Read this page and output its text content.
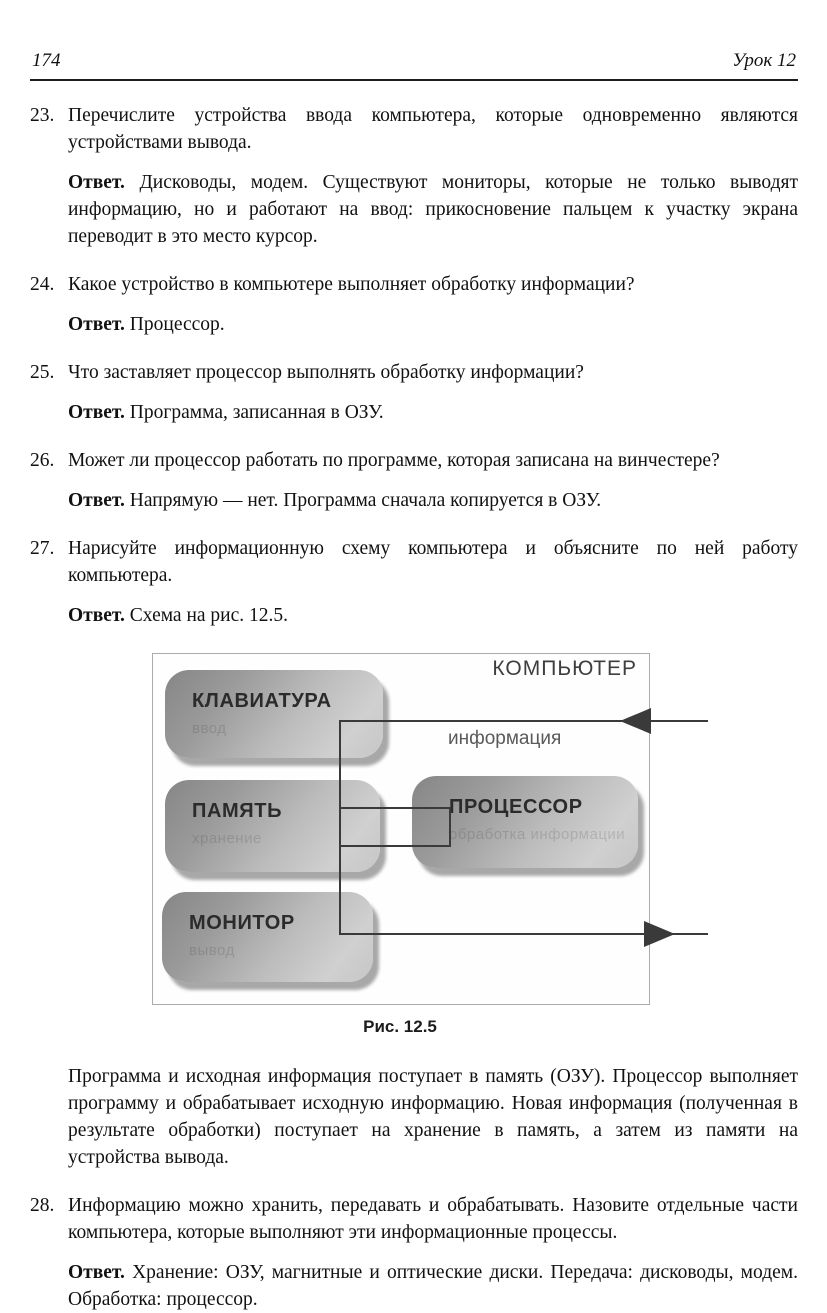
174	Урок 12
23. Перечислите устройства ввода компьютера, которые одновременно являются устройствами вывода.

Ответ. Дисководы, модем. Существуют мониторы, которые не только выводят информацию, но и работают на ввод: прикосновение пальцем к участку экрана переводит в это место курсор.

24. Какое устройство в компьютере выполняет обработку информации?

Ответ. Процессор.

25. Что заставляет процессор выполнять обработку информации?

Ответ. Программа, записанная в ОЗУ.

26. Может ли процессор работать по программе, которая записана на винчестере?

Ответ. Напрямую — нет. Программа сначала копируется в ОЗУ.

27. Нарисуйте информационную схему компьютера и объясните по ней работу компьютера.

Ответ. Схема на рис. 12.5.

КОМПЬЮТЕР
КЛАВИАТУРА
ввод
ПАМЯТЬ
хранение
ПРОЦЕССОР
обработка информации
МОНИТОР
вывод
информация
Рис. 12.5

Программа и исходная информация поступает в память (ОЗУ). Процессор выполняет программу и обрабатывает исходную информацию. Новая информация (полученная в результате обработки) поступает на хранение в память, а затем из памяти на устройства вывода.

28. Информацию можно хранить, передавать и обрабатывать. Назовите отдельные части компьютера, которые выполняют эти информационные процессы.

Ответ. Хранение: ОЗУ, магнитные и оптические диски. Передача: дисководы, модем. Обработка: процессор.
